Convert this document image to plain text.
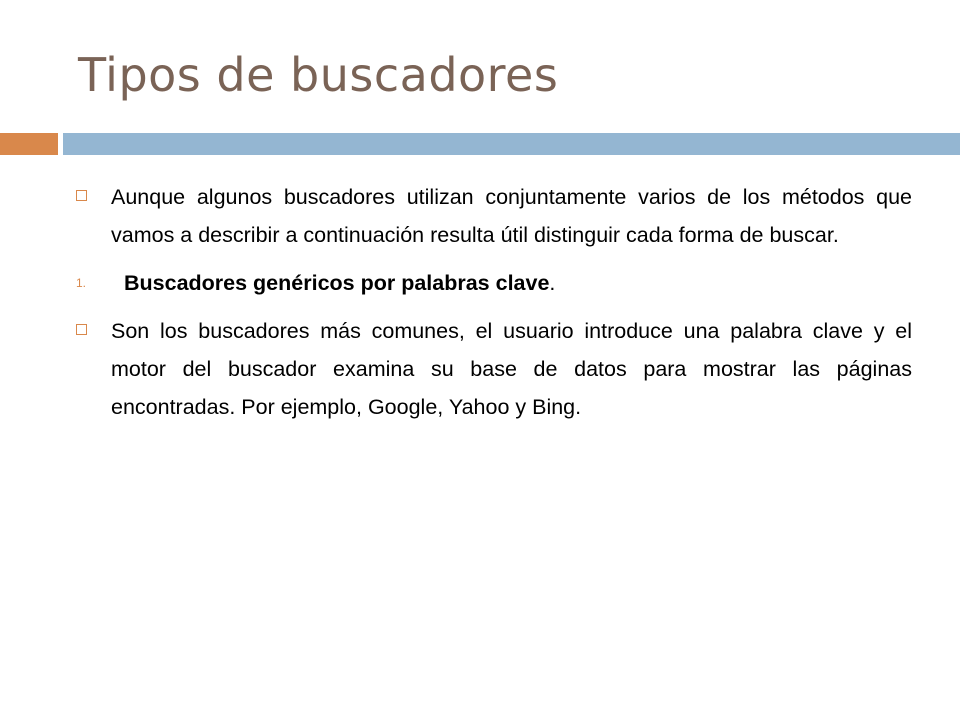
Tipos de buscadores
Aunque algunos buscadores utilizan conjuntamente varios de los métodos que vamos a describir a continuación resulta útil distinguir cada forma de buscar.
1. Buscadores genéricos por palabras clave.
Son los buscadores más comunes, el usuario introduce una palabra clave y el motor del buscador examina su base de datos para mostrar las páginas encontradas. Por ejemplo, Google, Yahoo y Bing.
